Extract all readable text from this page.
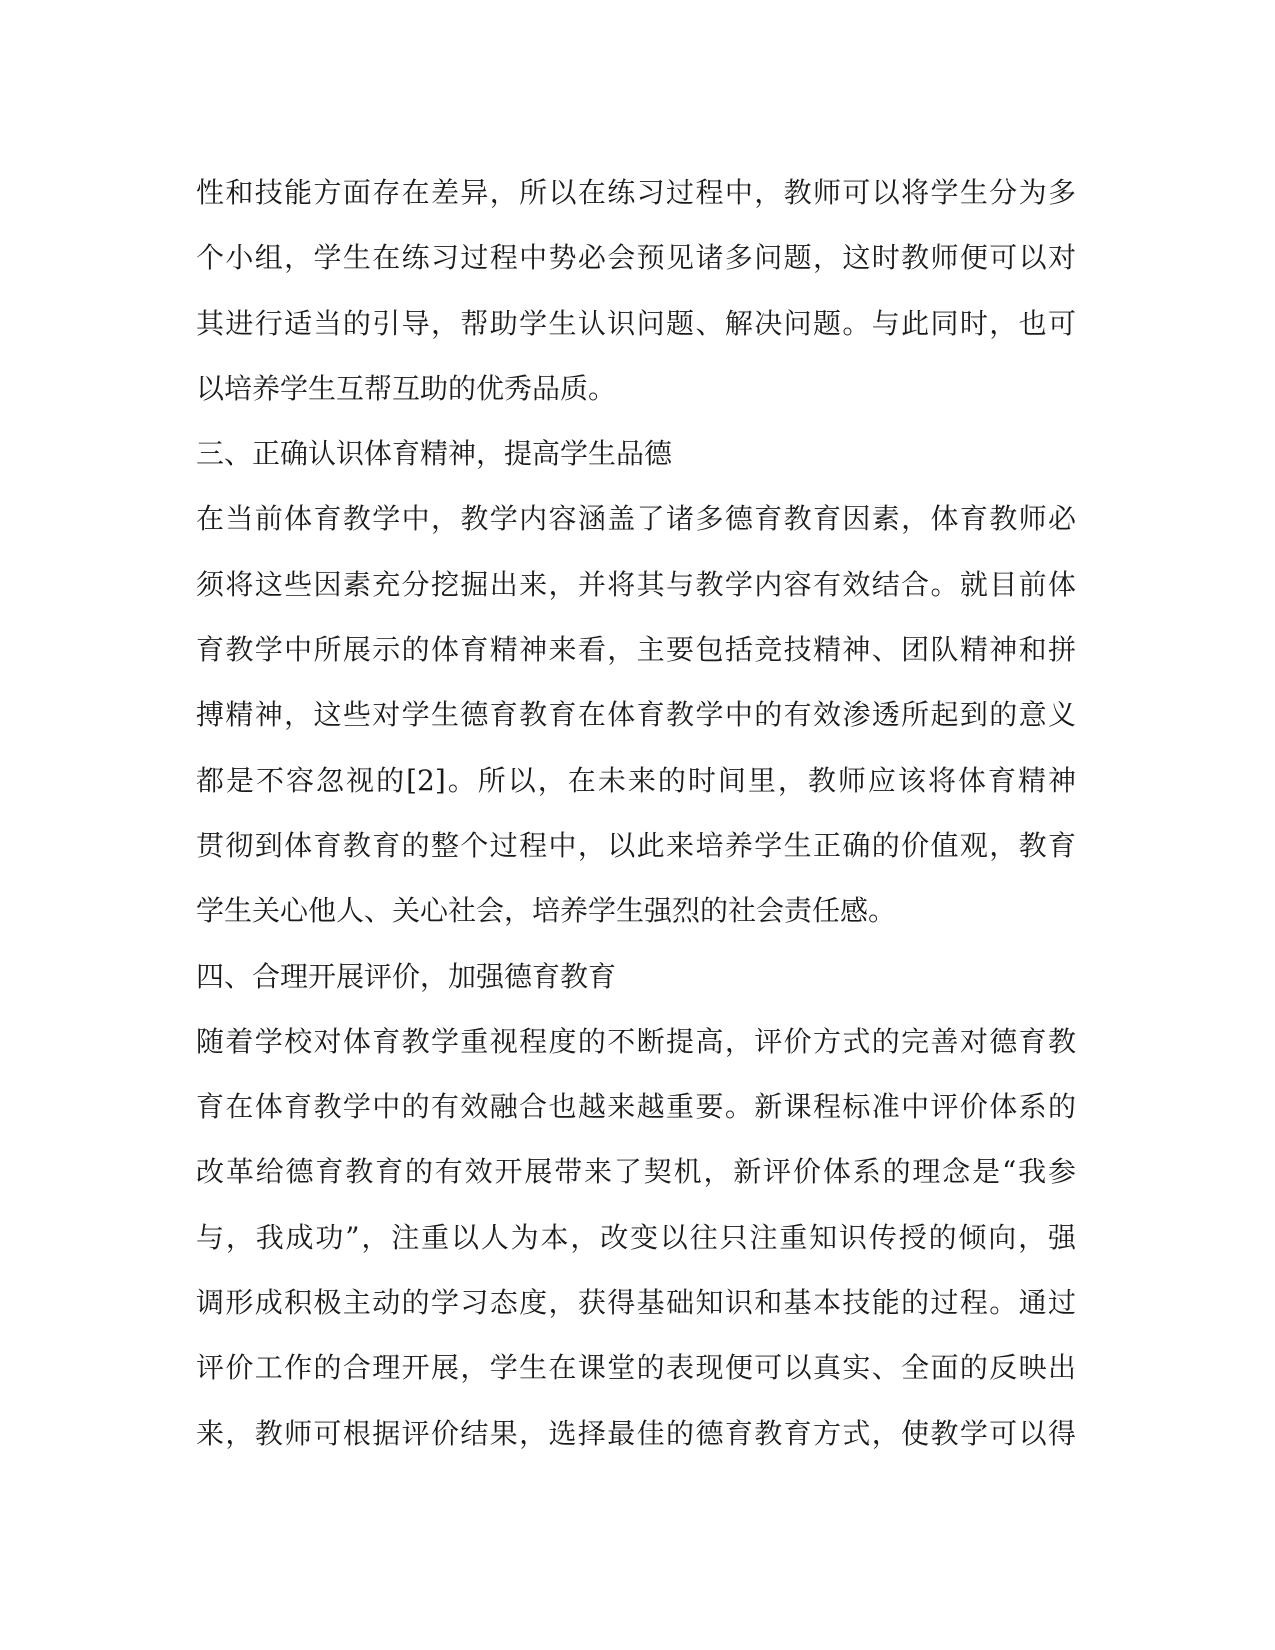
性和技能方面存在差异，所以在练习过程中，教师可以将学生分为多
个小组，学生在练习过程中势必会预见诸多问题，这时教师便可以对
其进行适当的引导，帮助学生认识问题、解决问题。与此同时，也可
以培养学生互帮互助的优秀品质。
三、正确认识体育精神，提高学生品德
在当前体育教学中，教学内容涵盖了诸多德育教育因素，体育教师必
须将这些因素充分挖掘出来，并将其与教学内容有效结合。就目前体
育教学中所展示的体育精神来看，主要包括竞技精神、团队精神和拼
搏精神，这些对学生德育教育在体育教学中的有效渗透所起到的意义
都是不容忽视的[2]。所以，在未来的时间里，教师应该将体育精神
贯彻到体育教育的整个过程中，以此来培养学生正确的价值观，教育
学生关心他人、关心社会，培养学生强烈的社会责任感。
四、合理开展评价，加强德育教育
随着学校对体育教学重视程度的不断提高，评价方式的完善对德育教
育在体育教学中的有效融合也越来越重要。新课程标准中评价体系的
改革给德育教育的有效开展带来了契机，新评价体系的理念是“我参
与，我成功”，注重以人为本，改变以往只注重知识传授的倾向，强
调形成积极主动的学习态度，获得基础知识和基本技能的过程。通过
评价工作的合理开展，学生在课堂的表现便可以真实、全面的反映出
来，教师可根据评价结果，选择最佳的德育教育方式，使教学可以得
